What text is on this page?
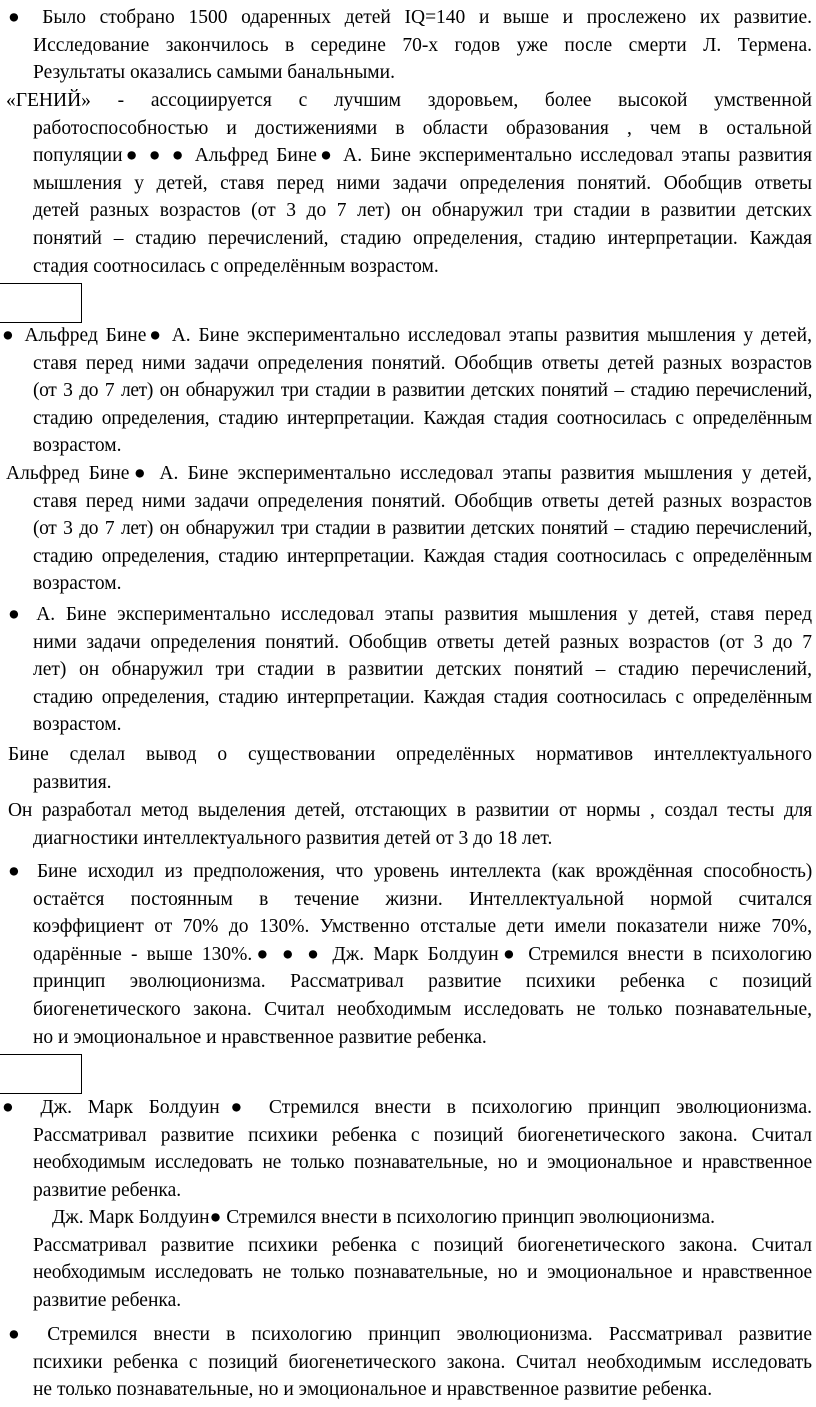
● Было стобрано 1500 одаренных детей IQ=140 и выше и прослежено их развитие.
Исследование закончилось в середине 70-х годов уже после смерти Л. Термена.
Результаты оказались самыми банальными.
«ГЕНИЙ» - ассоциируется с лучшим здоровьем, более высокой умственной
работоспособностью и достижениями в области образования , чем в остальной
популяции● ● ● Альфред Бине● А. Бине экспериментально исследовал этапы развития
мышления у детей, ставя перед ними задачи определения понятий. Обобщив ответы
детей разных возрастов (от 3 до 7 лет) он обнаружил три стадии в развитии детских
понятий – стадию перечислений, стадию определения, стадию интерпретации. Каждая
стадия соотносилась с определённым возрастом.
● Альфред Бине● А. Бине экспериментально исследовал этапы развития мышления у детей,
ставя перед ними задачи определения понятий. Обобщив ответы детей разных возрастов
(от 3 до 7 лет) он обнаружил три стадии в развитии детских понятий – стадию перечислений,
стадию определения, стадию интерпретации. Каждая стадия соотносилась с определённым
возрастом.
Альфред Бине● А. Бине экспериментально исследовал этапы развития мышления у детей,
ставя перед ними задачи определения понятий. Обобщив ответы детей разных возрастов
(от 3 до 7 лет) он обнаружил три стадии в развитии детских понятий – стадию перечислений,
стадию определения, стадию интерпретации. Каждая стадия соотносилась с определённым
возрастом.
● А. Бине экспериментально исследовал этапы развития мышления у детей, ставя перед
ними задачи определения понятий. Обобщив ответы детей разных возрастов (от 3 до 7
лет) он обнаружил три стадии в развитии детских понятий – стадию перечислений,
стадию определения, стадию интерпретации. Каждая стадия соотносилась с определённым
возрастом.
Бине сделал вывод о существовании определённых нормативов интеллектуального
развития.
Он разработал метод выделения детей, отстающих в развитии от нормы , создал тесты для
диагностики интеллектуального развития детей от 3 до 18 лет.
● Бине исходил из предположения, что уровень интеллекта (как врождённая способность)
остаётся постоянным в течение жизни. Интеллектуальной нормой считался
коэффициент от 70% до 130%. Умственно отсталые дети имели показатели ниже 70%,
одарённые - выше 130%.● ● ● Дж. Марк Болдуин● Стремился внести в психологию
принцип эволюционизма. Рассматривал развитие психики ребенка с позиций
биогенетического закона. Считал необходимым исследовать не только познавательные,
но и эмоциональное и нравственное развитие ребенка.
● Дж. Марк Болдуин● Стремился внести в психологию принцип эволюционизма.
Рассматривал развитие психики ребенка с позиций биогенетического закона. Считал
необходимым исследовать не только познавательные, но и эмоциональное и нравственное
развитие ребенка.
Дж. Марк Болдуин● Стремился внести в психологию принцип эволюционизма.
Рассматривал развитие психики ребенка с позиций биогенетического закона. Считал
необходимым исследовать не только познавательные, но и эмоциональное и нравственное
развитие ребенка.
● Стремился внести в психологию принцип эволюционизма. Рассматривал развитие
психики ребенка с позиций биогенетического закона. Считал необходимым исследовать
не только познавательные, но и эмоциональное и нравственное развитие ребенка.
